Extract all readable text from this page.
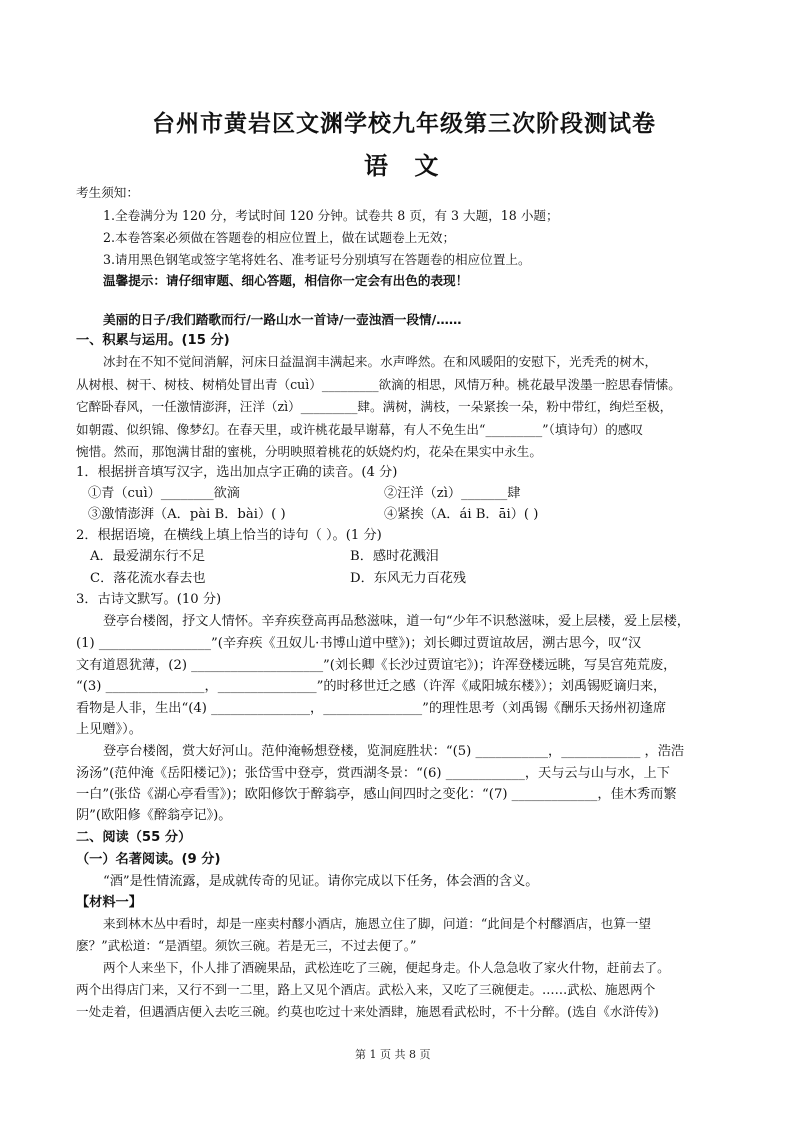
台州市黄岩区文渊学校九年级第三次阶段测试卷
语 文
考生须知：
1.全卷满分为 120 分，考试时间 120 分钟。试卷共 8 页，有 3 大题，18 小题；
2.本卷答案必须做在答题卷的相应位置上，做在试题卷上无效；
3.请用黑色钢笔或签字笔将姓名、准考证号分别填写在答题卷的相应位置上。
温馨提示：请仔细审题、细心答题，相信你一定会有出色的表现！
美丽的日子/我们踏歌而行/一路山水一首诗/一壶浊酒一段情/……
一、积累与运用。(15 分)
冰封在不知不觉间消解，河床日益温润丰满起来。水声哗然。在和风暖阳的安慰下，光秃秃的树木，
从树根、树干、树枝、树梢处冒出青（cuì）_________欲滴的相思，风情万种。桃花最早泼墨一腔思春情愫。
它醉卧春风，一任激情澎湃，汪洋（zì）_________肆。满树，满枝，一朵紧挨一朵，粉中带红，绚烂至极，
如朝霞、似织锦、像梦幻。在春天里，或许桃花最早谢幕，有人不免生出“_________”（填诗句）的感叹
惋惜。然而，那饱满甘甜的蜜桃，分明映照着桃花的妖娆灼灼，花朵在果实中永生。
1．根据拼音填写汉字，选出加点字正确的读音。(4 分)
①青（cuì）________欲滴	②汪洋（zì）_______肆
③激情澎湃（A．pài B．bài）( )	④紧挨（A．ái B．āi）( )
2．根据语境，在横线上填上恰当的诗句（ ）。(1 分)
A．最爱湖东行不足	B．感时花溅泪
C．落花流水春去也	D．东风无力百花残
3．古诗文默写。(10 分)
登亭台楼阁，抒文人情怀。辛弃疾登高再品愁滋味，道一句“少年不识愁滋味，爱上层楼，爱上层楼，
(1) _________________”(辛弃疾《丑奴儿·书博山道中壁》)；刘长卿过贾谊故居，溯古思今，叹“汉
文有道恩犹薄，(2) ____________________”(刘长卿《长沙过贾谊宅》)；许浑登楼远眺，写昊宫苑荒废，
“(3) _______________，_______________”的时移世迁之感（许浑《咸阳城东楼》）；刘禹锡贬谪归来，
看物是人非，生出“(4) _______________，_______________”的理性思考（刘禹锡《酬乐天扬州初逢席
上见赠》）。
登亭台楼阁，赏大好河山。范仲淹畅想登楼，览洞庭胜状：“(5) ___________，____________ ，浩浩
汤汤”(范仲淹《岳阳楼记》)；张岱雪中登亭，赏西湖冬景：“(6) ____________，天与云与山与水，上下
一白”(张岱《湖心亭看雪》)；欧阳修饮于醉翁亭，感山间四时之变化：“(7) _____________，佳木秀而繁
阴”(欧阳修《醉翁亭记》)。
二、阅读（55 分）
（一）名著阅读。(9 分)
“酒”是性情流露，是成就传奇的见证。请你完成以下任务，体会酒的含义。
【材料一】
来到林木丛中看时，却是一座卖村醪小酒店，施恩立住了脚，问道：“此间是个村醪酒店，也算一望
麽？”武松道：“是酒望。须饮三碗。若是无三，不过去便了。”
两个人来坐下，仆人排了酒碗果品，武松连吃了三碗，便起身走。仆人急急收了家火什物，赶前去了。
两个出得店门来，又行不到一二里，路上又见个酒店。武松入来，又吃了三碗便走。……武松、施恩两个
一处走着，但遇酒店便入去吃三碗。约莫也吃过十来处酒肆，施恩看武松时，不十分醉。(选自《水浒传》)
第 1 页 共 8 页
